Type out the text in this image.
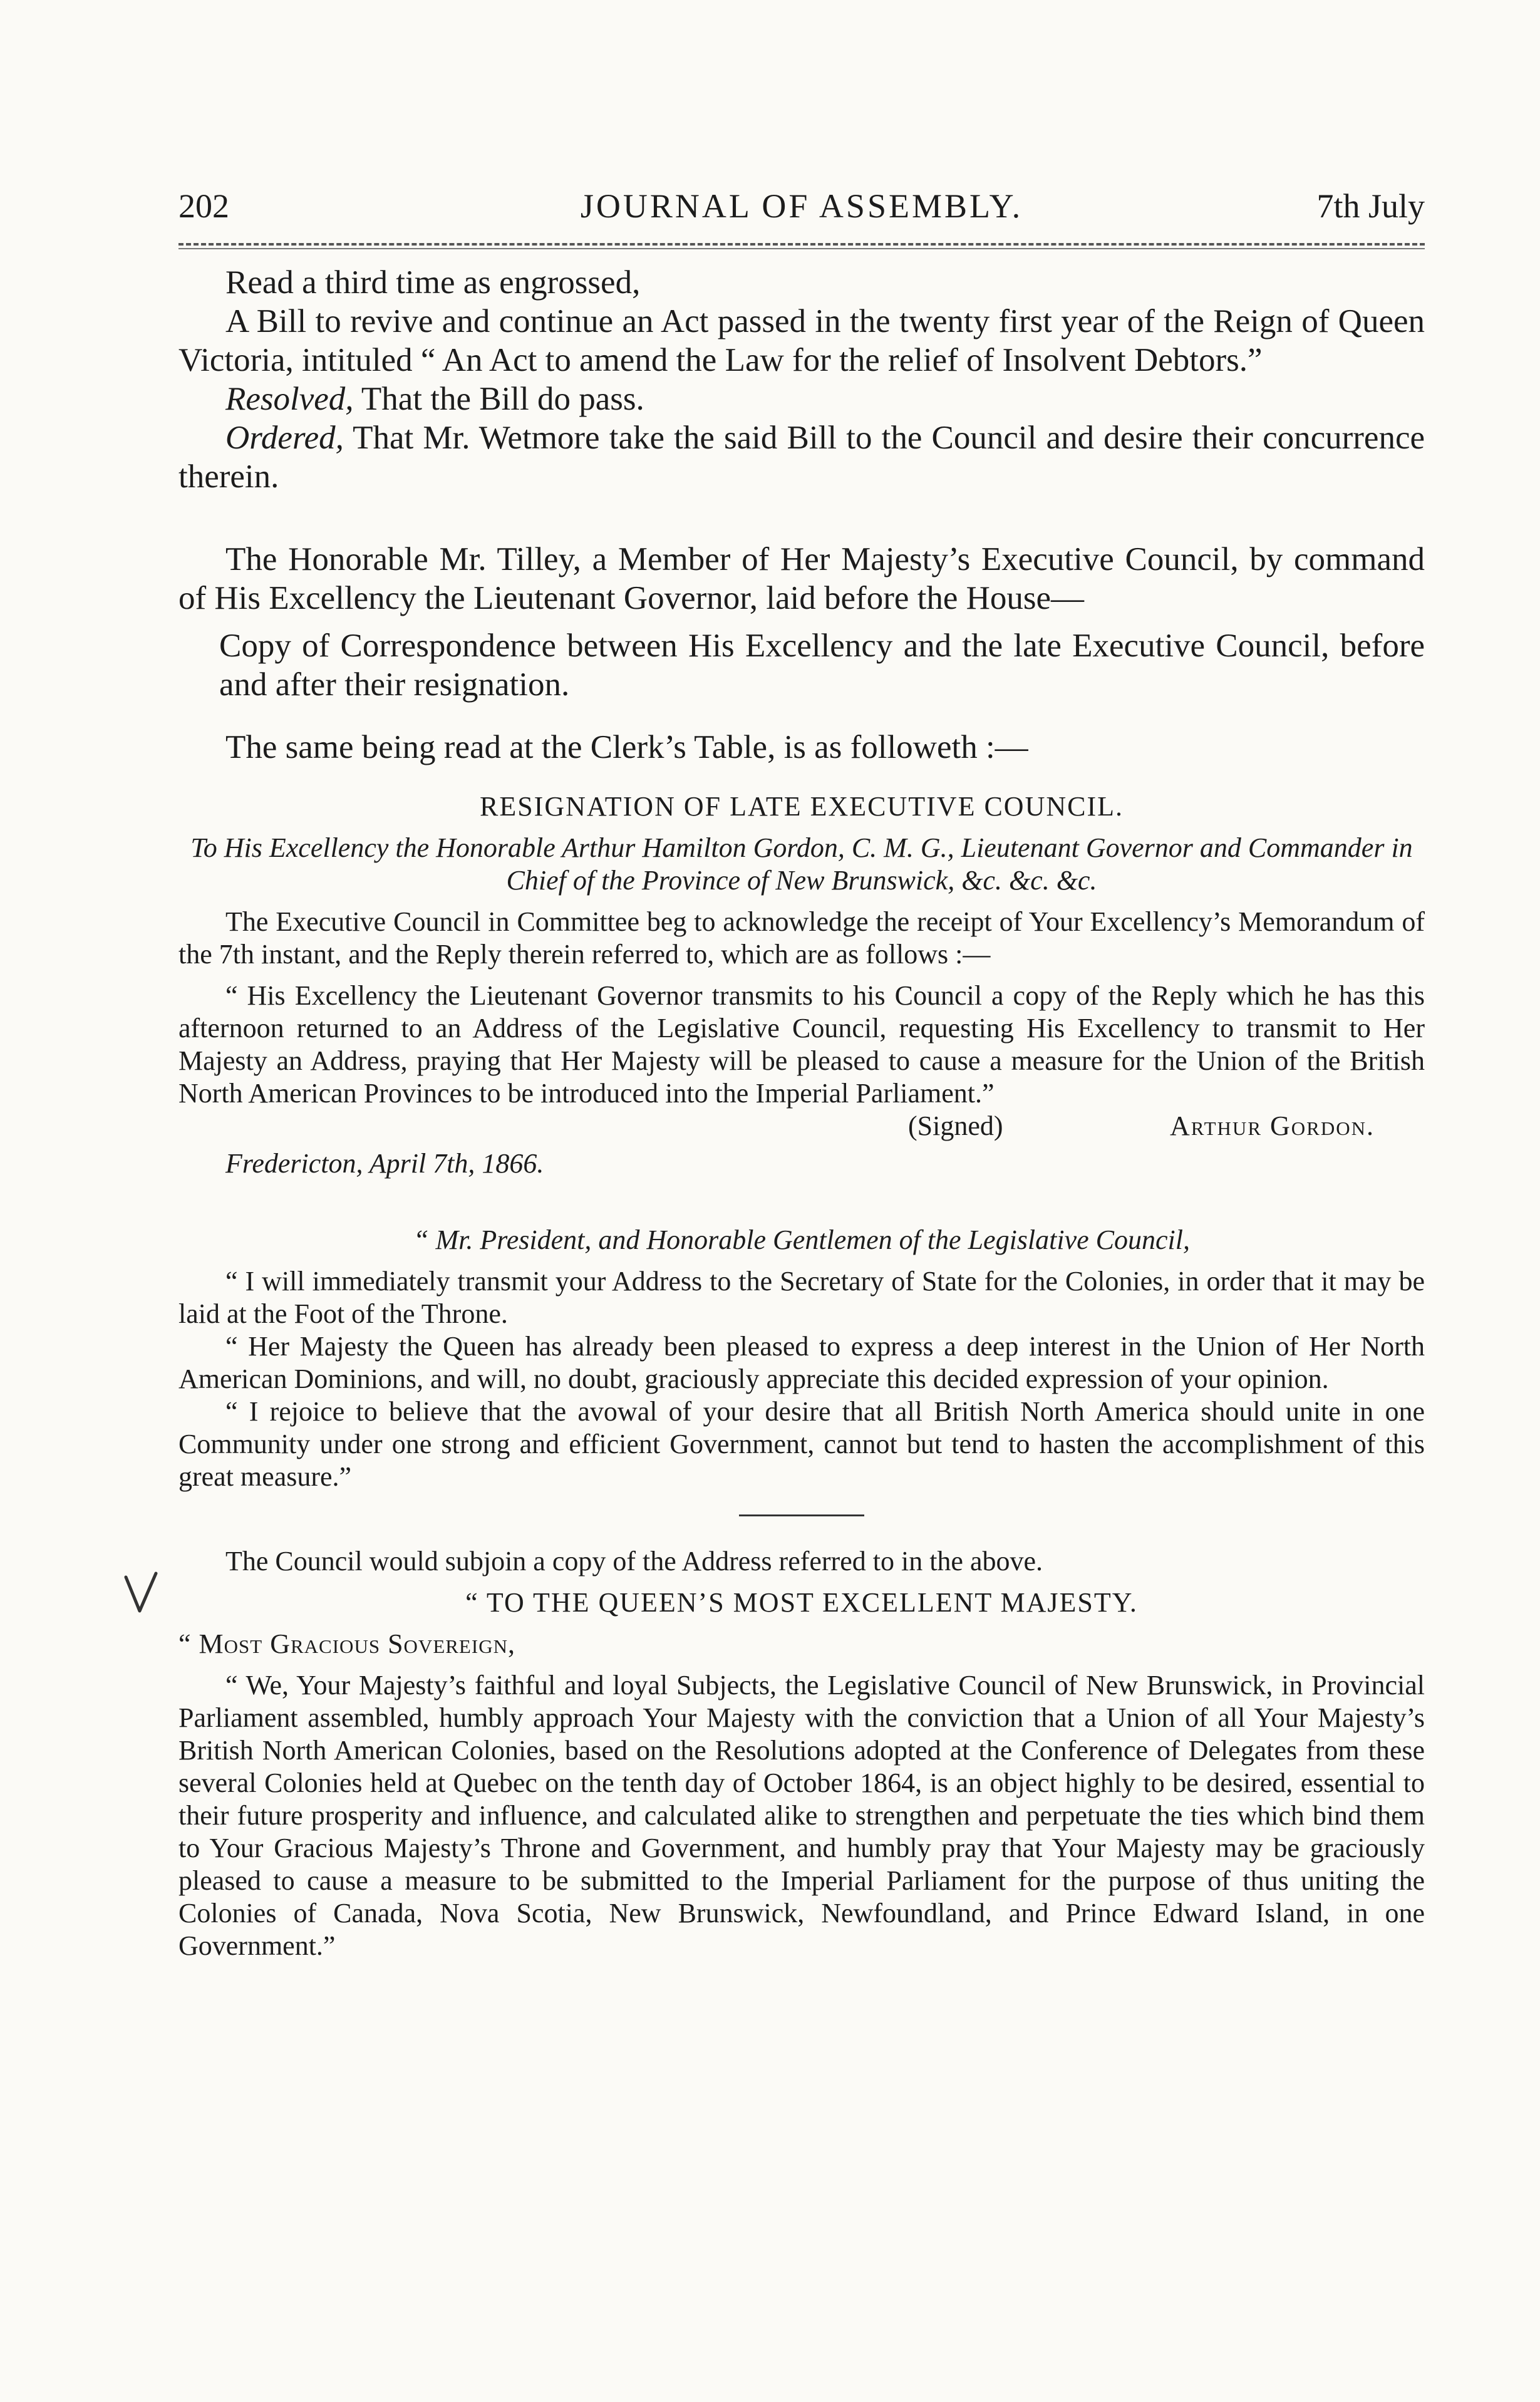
202	JOURNAL OF ASSEMBLY.	7th July

Read a third time as engrossed,

A Bill to revive and continue an Act passed in the twenty first year of the Reign of Queen Victoria, intituled “ An Act to amend the Law for the relief of Insolvent Debtors.”

Resolved, That the Bill do pass.

Ordered, That Mr. Wetmore take the said Bill to the Council and desire their concurrence therein.

The Honorable Mr. Tilley, a Member of Her Majesty’s Executive Council, by command of His Excellency the Lieutenant Governor, laid before the House—

Copy of Correspondence between His Excellency and the late Executive Council, before and after their resignation.

The same being read at the Clerk’s Table, is as followeth :—

RESIGNATION OF LATE EXECUTIVE COUNCIL.

To His Excellency the Honorable Arthur Hamilton Gordon, C. M. G., Lieutenant Governor and Commander in Chief of the Province of New Brunswick, &c. &c. &c.

The Executive Council in Committee beg to acknowledge the receipt of Your Excellency’s Memorandum of the 7th instant, and the Reply therein referred to, which are as follows :—

“ His Excellency the Lieutenant Governor transmits to his Council a copy of the Reply which he has this afternoon returned to an Address of the Legislative Council, requesting His Excellency to transmit to Her Majesty an Address, praying that Her Majesty will be pleased to cause a measure for the Union of the British North American Provinces to be introduced into the Imperial Parliament.”

(Signed)	Arthur Gordon.

Fredericton, April 7th, 1866.

“ Mr. President, and Honorable Gentlemen of the Legislative Council,

“ I will immediately transmit your Address to the Secretary of State for the Colonies, in order that it may be laid at the Foot of the Throne.

“ Her Majesty the Queen has already been pleased to express a deep interest in the Union of Her North American Dominions, and will, no doubt, graciously appreciate this decided expression of your opinion.

“ I rejoice to believe that the avowal of your desire that all British North America should unite in one Community under one strong and efficient Government, cannot but tend to hasten the accomplishment of this great measure.”

The Council would subjoin a copy of the Address referred to in the above.

“ TO THE QUEEN’S MOST EXCELLENT MAJESTY.

“ Most Gracious Sovereign,

“ We, Your Majesty’s faithful and loyal Subjects, the Legislative Council of New Brunswick, in Provincial Parliament assembled, humbly approach Your Majesty with the conviction that a Union of all Your Majesty’s British North American Colonies, based on the Resolutions adopted at the Conference of Delegates from these several Colonies held at Quebec on the tenth day of October 1864, is an object highly to be desired, essential to their future prosperity and influence, and calculated alike to strengthen and perpetuate the ties which bind them to Your Gracious Majesty’s Throne and Government, and humbly pray that Your Majesty may be graciously pleased to cause a measure to be submitted to the Imperial Parliament for the purpose of thus uniting the Colonies of Canada, Nova Scotia, New Brunswick, Newfoundland, and Prince Edward Island, in one Government.”
